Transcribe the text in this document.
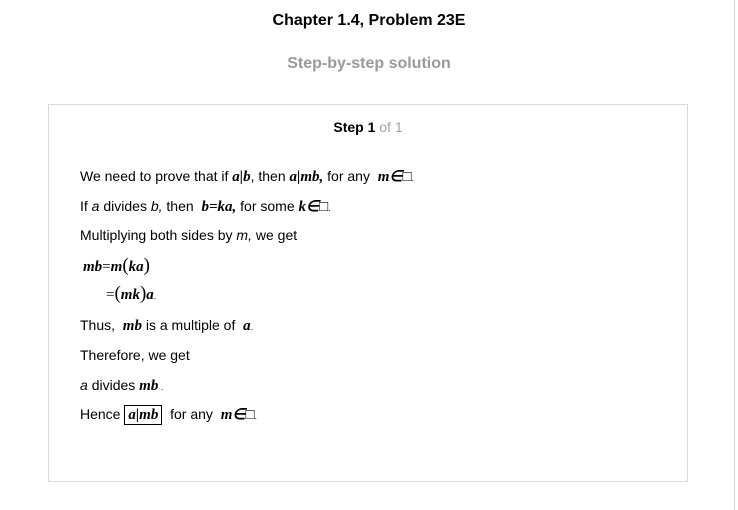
Chapter 1.4, Problem 23E
Step-by-step solution
Step 1 of 1
We need to prove that if a|b, then a|mb, for any m∈□.
If a divides b, then b=ka, for some k∈□.
Multiplying both sides by m, we get
mb=m(ka)
=(mk)a.
Thus, mb is a multiple of a.
Therefore, we get
a divides mb .
Hence a|mb for any m∈□.
